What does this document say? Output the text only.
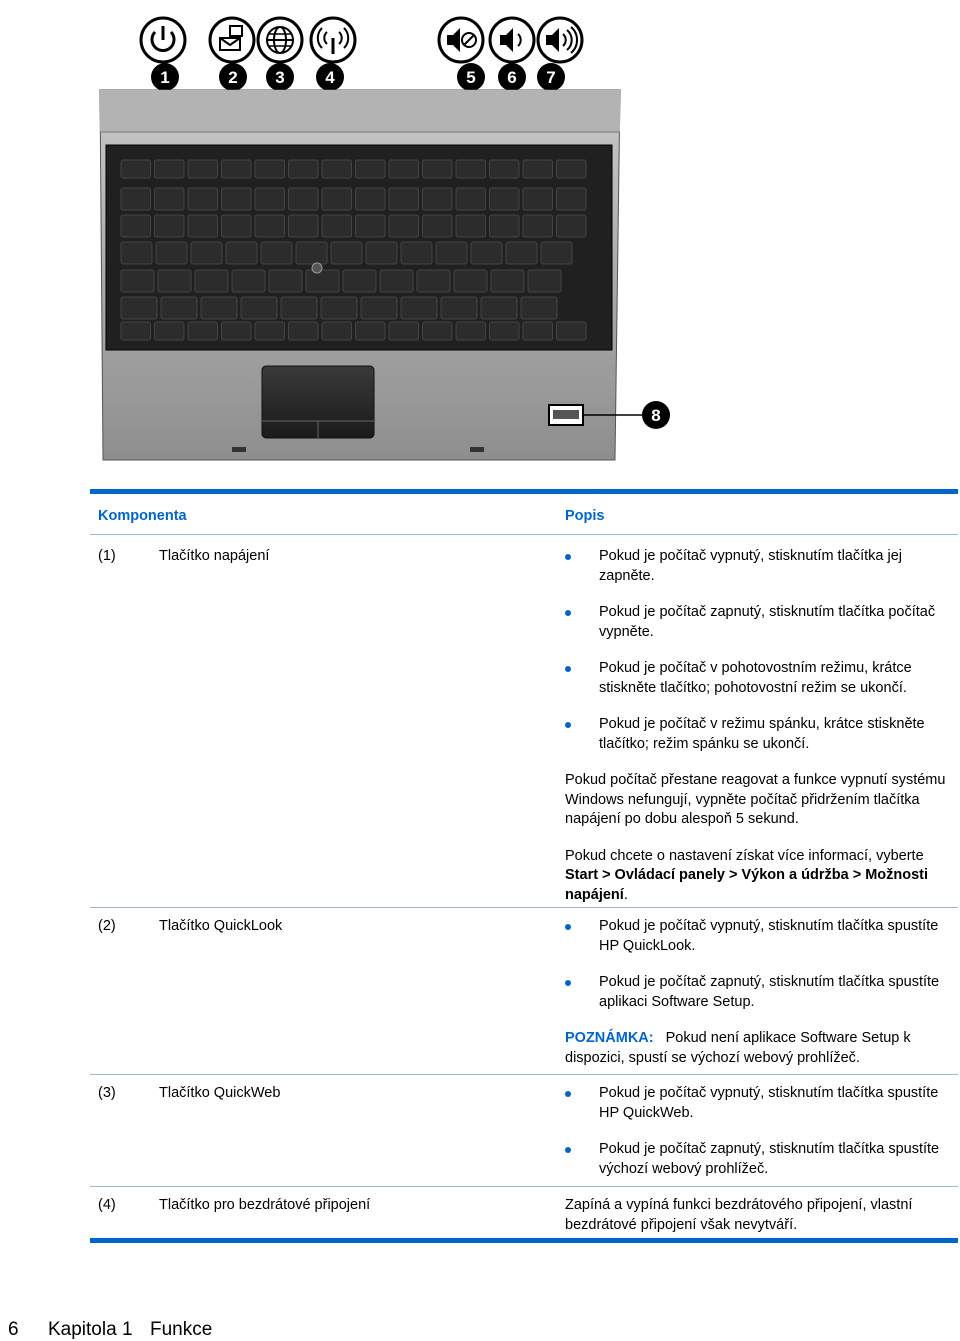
1	2 3 4	5 6 7
8
Komponenta	Popis
(1)	Tlačítko napájení	Pokud je počítač vypnutý, stisknutím tlačítka jej zapněte.
Pokud je počítač zapnutý, stisknutím tlačítka počítač vypněte.
Pokud je počítač v pohotovostním režimu, krátce stiskněte tlačítko; pohotovostní režim se ukončí.
Pokud je počítač v režimu spánku, krátce stiskněte tlačítko; režim spánku se ukončí.
Pokud počítač přestane reagovat a funkce vypnutí systému Windows nefungují, vypněte počítač přidržením tlačítka napájení po dobu alespoň 5 sekund.
Pokud chcete o nastavení získat více informací, vyberte Start > Ovládací panely > Výkon a údržba > Možnosti napájení.
(2)	Tlačítko QuickLook	Pokud je počítač vypnutý, stisknutím tlačítka spustíte HP QuickLook.
Pokud je počítač zapnutý, stisknutím tlačítka spustíte aplikaci Software Setup.
POZNÁMKA: Pokud není aplikace Software Setup k dispozici, spustí se výchozí webový prohlížeč.
(3)	Tlačítko QuickWeb	Pokud je počítač vypnutý, stisknutím tlačítka spustíte HP QuickWeb.
Pokud je počítač zapnutý, stisknutím tlačítka spustíte výchozí webový prohlížeč.
(4)	Tlačítko pro bezdrátové připojení	Zapíná a vypíná funkci bezdrátového připojení, vlastní bezdrátové připojení však nevytváří.
6 Kapitola 1 Funkce
